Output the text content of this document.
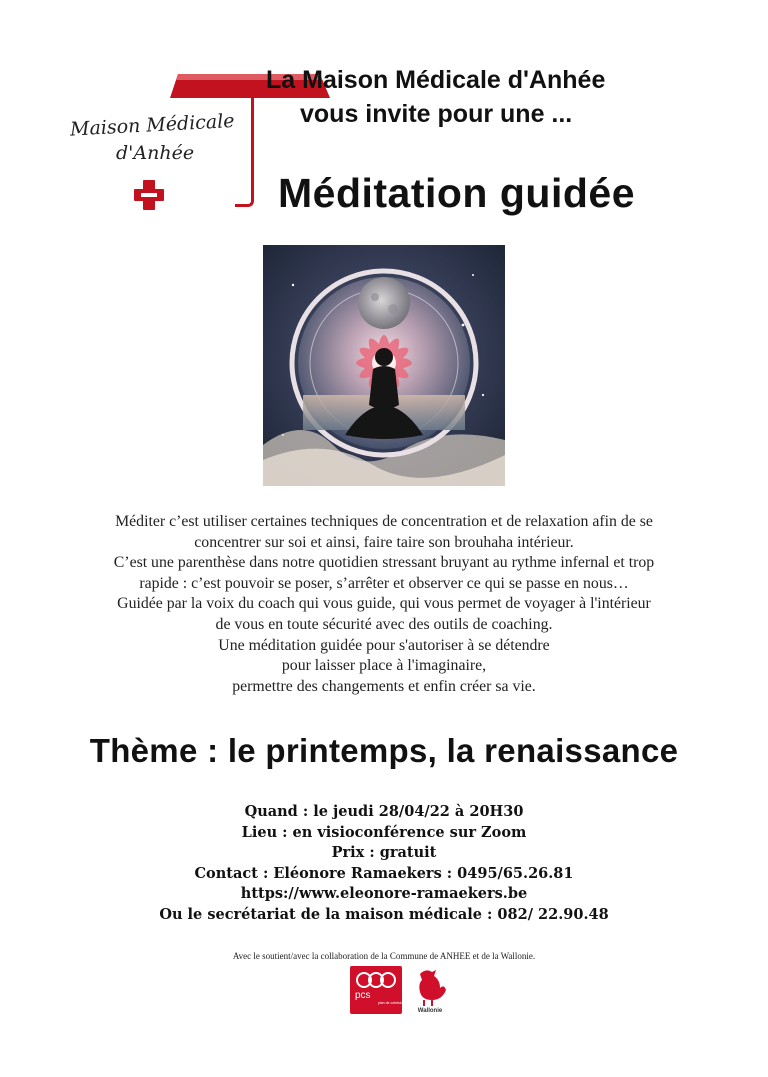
Maison Médicale
d'Anhée
La Maison Médicale d'Anhée
vous invite pour une ...
Méditation guidée
Méditer c’est utiliser certaines techniques de concentration et de relaxation afin de se
concentrer sur soi et ainsi, faire taire son brouhaha intérieur.
C’est une parenthèse dans notre quotidien stressant bruyant au rythme infernal et trop
rapide : c’est pouvoir se poser, s’arrêter et observer ce qui se passe en nous…
Guidée par la voix du coach qui vous guide, qui vous permet de voyager à l'intérieur
de vous en toute sécurité avec des outils de coaching.
Une méditation guidée pour s'autoriser à se détendre
pour laisser place à l'imaginaire,
permettre des changements et enfin créer sa vie.
Thème : le printemps, la renaissance
Quand : le jeudi 28/04/22 à 20H30
Lieu : en visioconférence sur Zoom
Prix : gratuit
Contact : Eléonore Ramaekers : 0495/65.26.81
https://www.eleonore-ramaekers.be
Ou le secrétariat de la maison médicale : 082/ 22.90.48
Avec le soutient/avec la collaboration de la Commune de ANHEE et de la Wallonie.
pcs
plan de cohésion sociale
Wallonie
